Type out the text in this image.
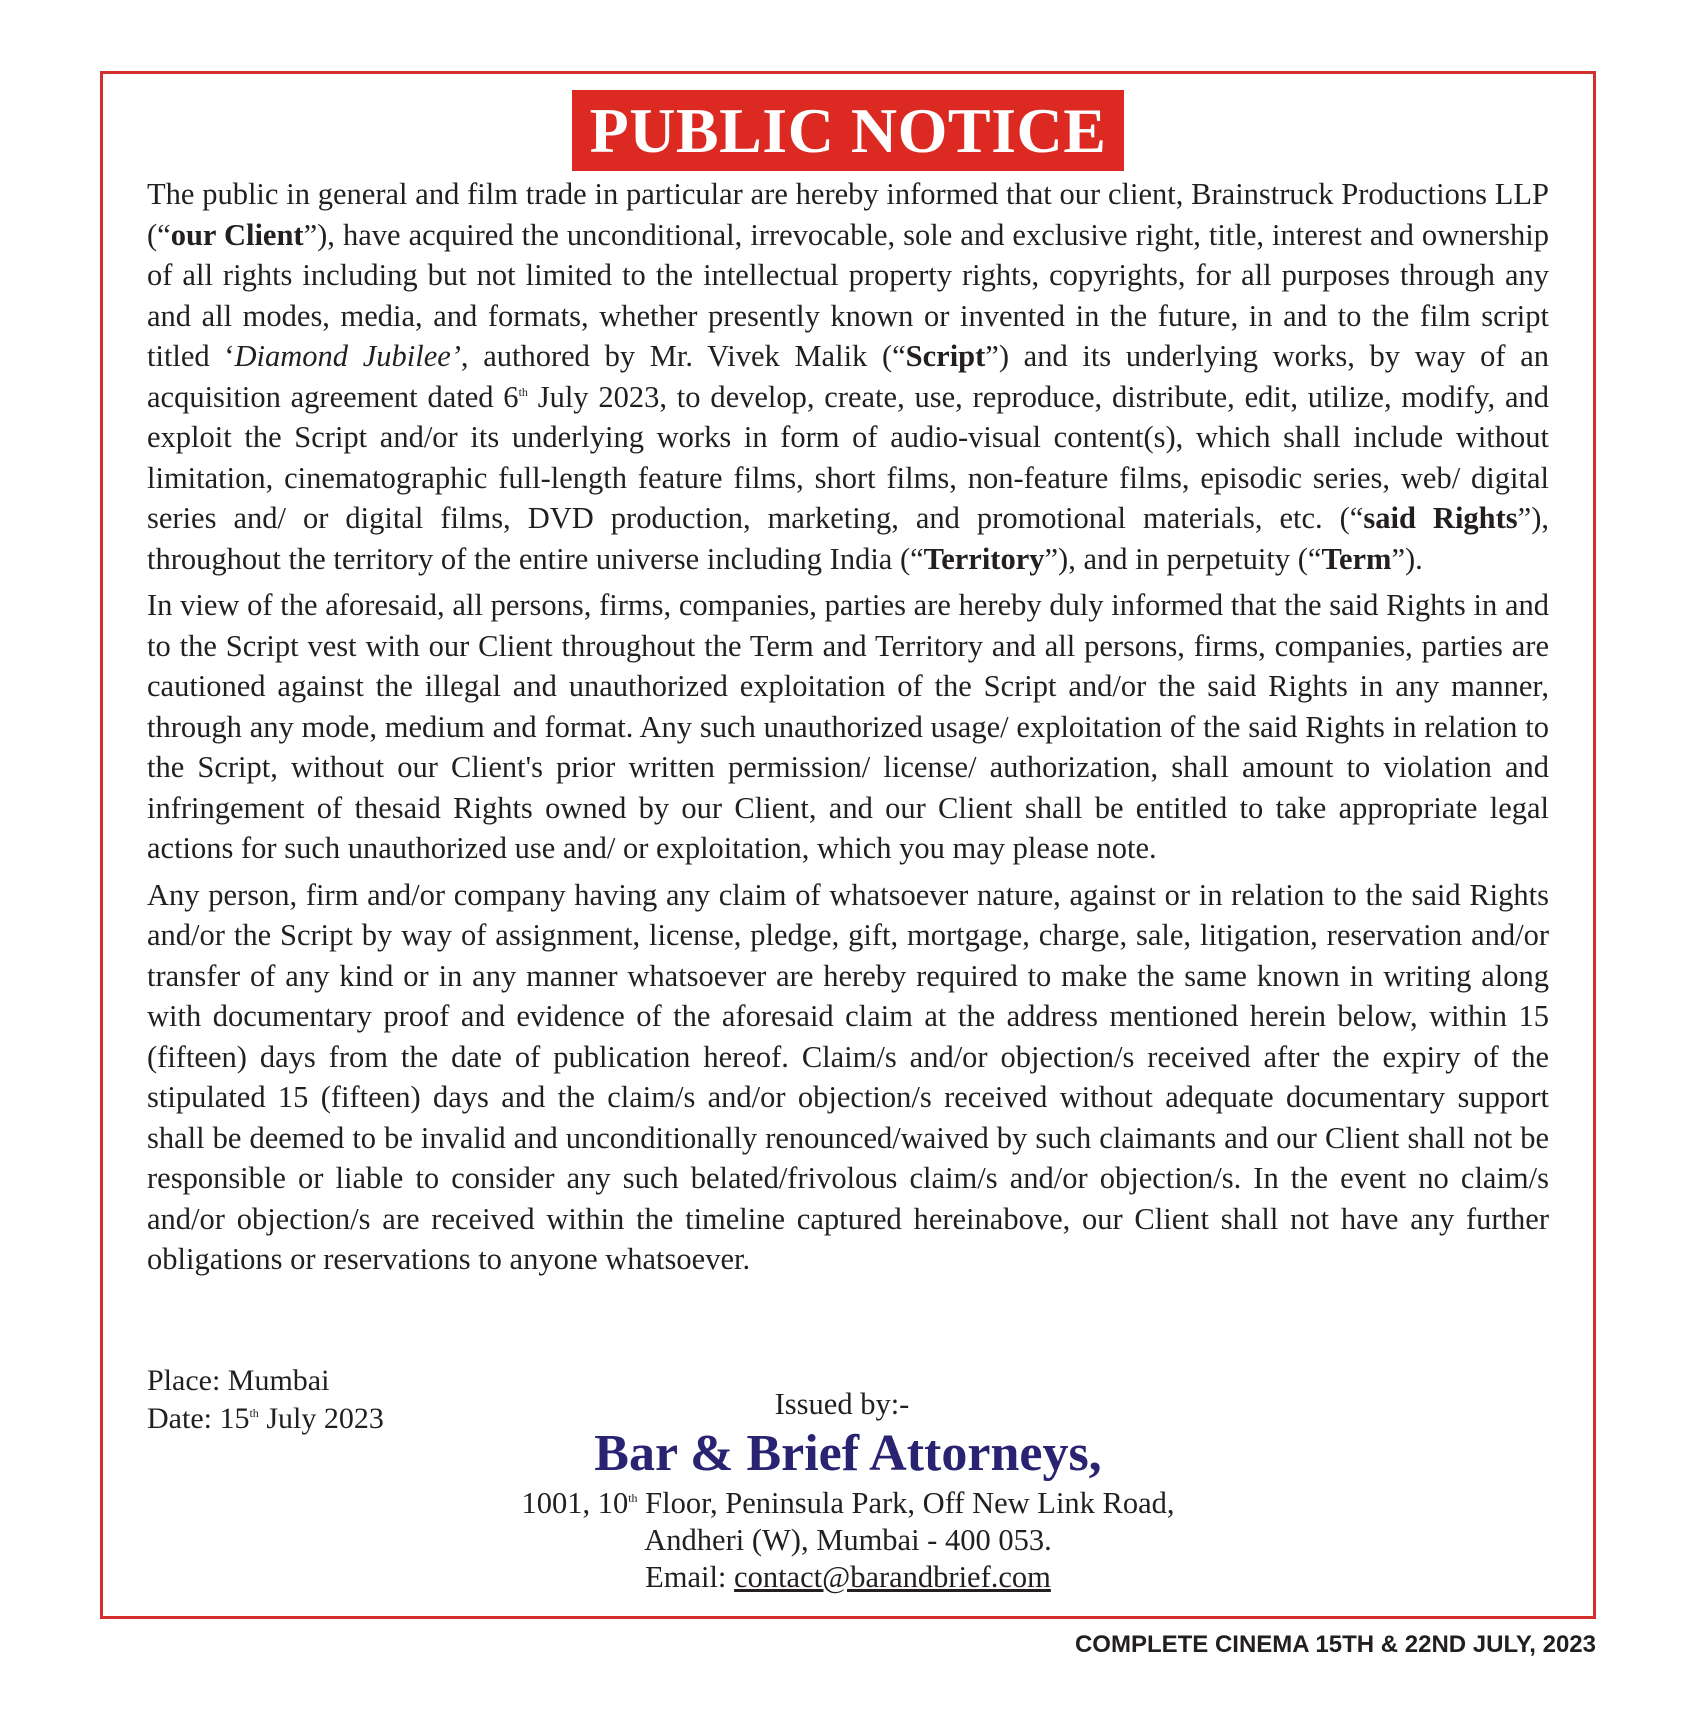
PUBLIC NOTICE

The public in general and film trade in particular are hereby informed that our client, Brainstruck Productions LLP (“our Client”), have acquired the unconditional, irrevocable, sole and exclusive right, title, interest and ownership of all rights including but not limited to the intellectual property rights, copyrights, for all purposes through any and all modes, media, and formats, whether presently known or invented in the future, in and to the film script titled ‘Diamond Jubilee’, authored by Mr. Vivek Malik (“Script”) and its underlying works, by way of an acquisition agreement dated 6th July 2023, to develop, create, use, reproduce, distribute, edit, utilize, modify, and exploit the Script and/or its underlying works in form of audio-visual content(s), which shall include without limitation, cinematographic full-length feature films, short films, non-feature films, episodic series, web/ digital series and/ or digital films, DVD production, marketing, and promotional materials, etc. (“said Rights”), throughout the territory of the entire universe including India (“Territory”), and in perpetuity (“Term”).

In view of the aforesaid, all persons, firms, companies, parties are hereby duly informed that the said Rights in and to the Script vest with our Client throughout the Term and Territory and all persons, firms, companies, parties are cautioned against the illegal and unauthorized exploitation of the Script and/or the said Rights in any manner, through any mode, medium and format. Any such unauthorized usage/ exploitation of the said Rights in relation to the Script, without our Client's prior written permission/ license/ authorization, shall amount to violation and infringement of thesaid Rights owned by our Client, and our Client shall be entitled to take appropriate legal actions for such unauthorized use and/ or exploitation, which you may please note.

Any person, firm and/or company having any claim of whatsoever nature, against or in relation to the said Rights and/or the Script by way of assignment, license, pledge, gift, mortgage, charge, sale, litigation, reservation and/or transfer of any kind or in any manner whatsoever are hereby required to make the same known in writing along with documentary proof and evidence of the aforesaid claim at the address mentioned herein below, within 15 (fifteen) days from the date of publication hereof. Claim/s and/or objection/s received after the expiry of the stipulated 15 (fifteen) days and the claim/s and/or objection/s received without adequate documentary support shall be deemed to be invalid and unconditionally renounced/waived by such claimants and our Client shall not be responsible or liable to consider any such belated/frivolous claim/s and/or objection/s. In the event no claim/s and/or objection/s are received within the timeline captured hereinabove, our Client shall not have any further obligations or reservations to anyone whatsoever.

Place: Mumbai
Date: 15th July 2023	Issued by:-
Bar & Brief Attorneys,
1001, 10th Floor, Peninsula Park, Off New Link Road,
Andheri (W), Mumbai - 400 053.
Email: contact@barandbrief.com
COMPLETE CINEMA 15TH & 22ND JULY, 2023
